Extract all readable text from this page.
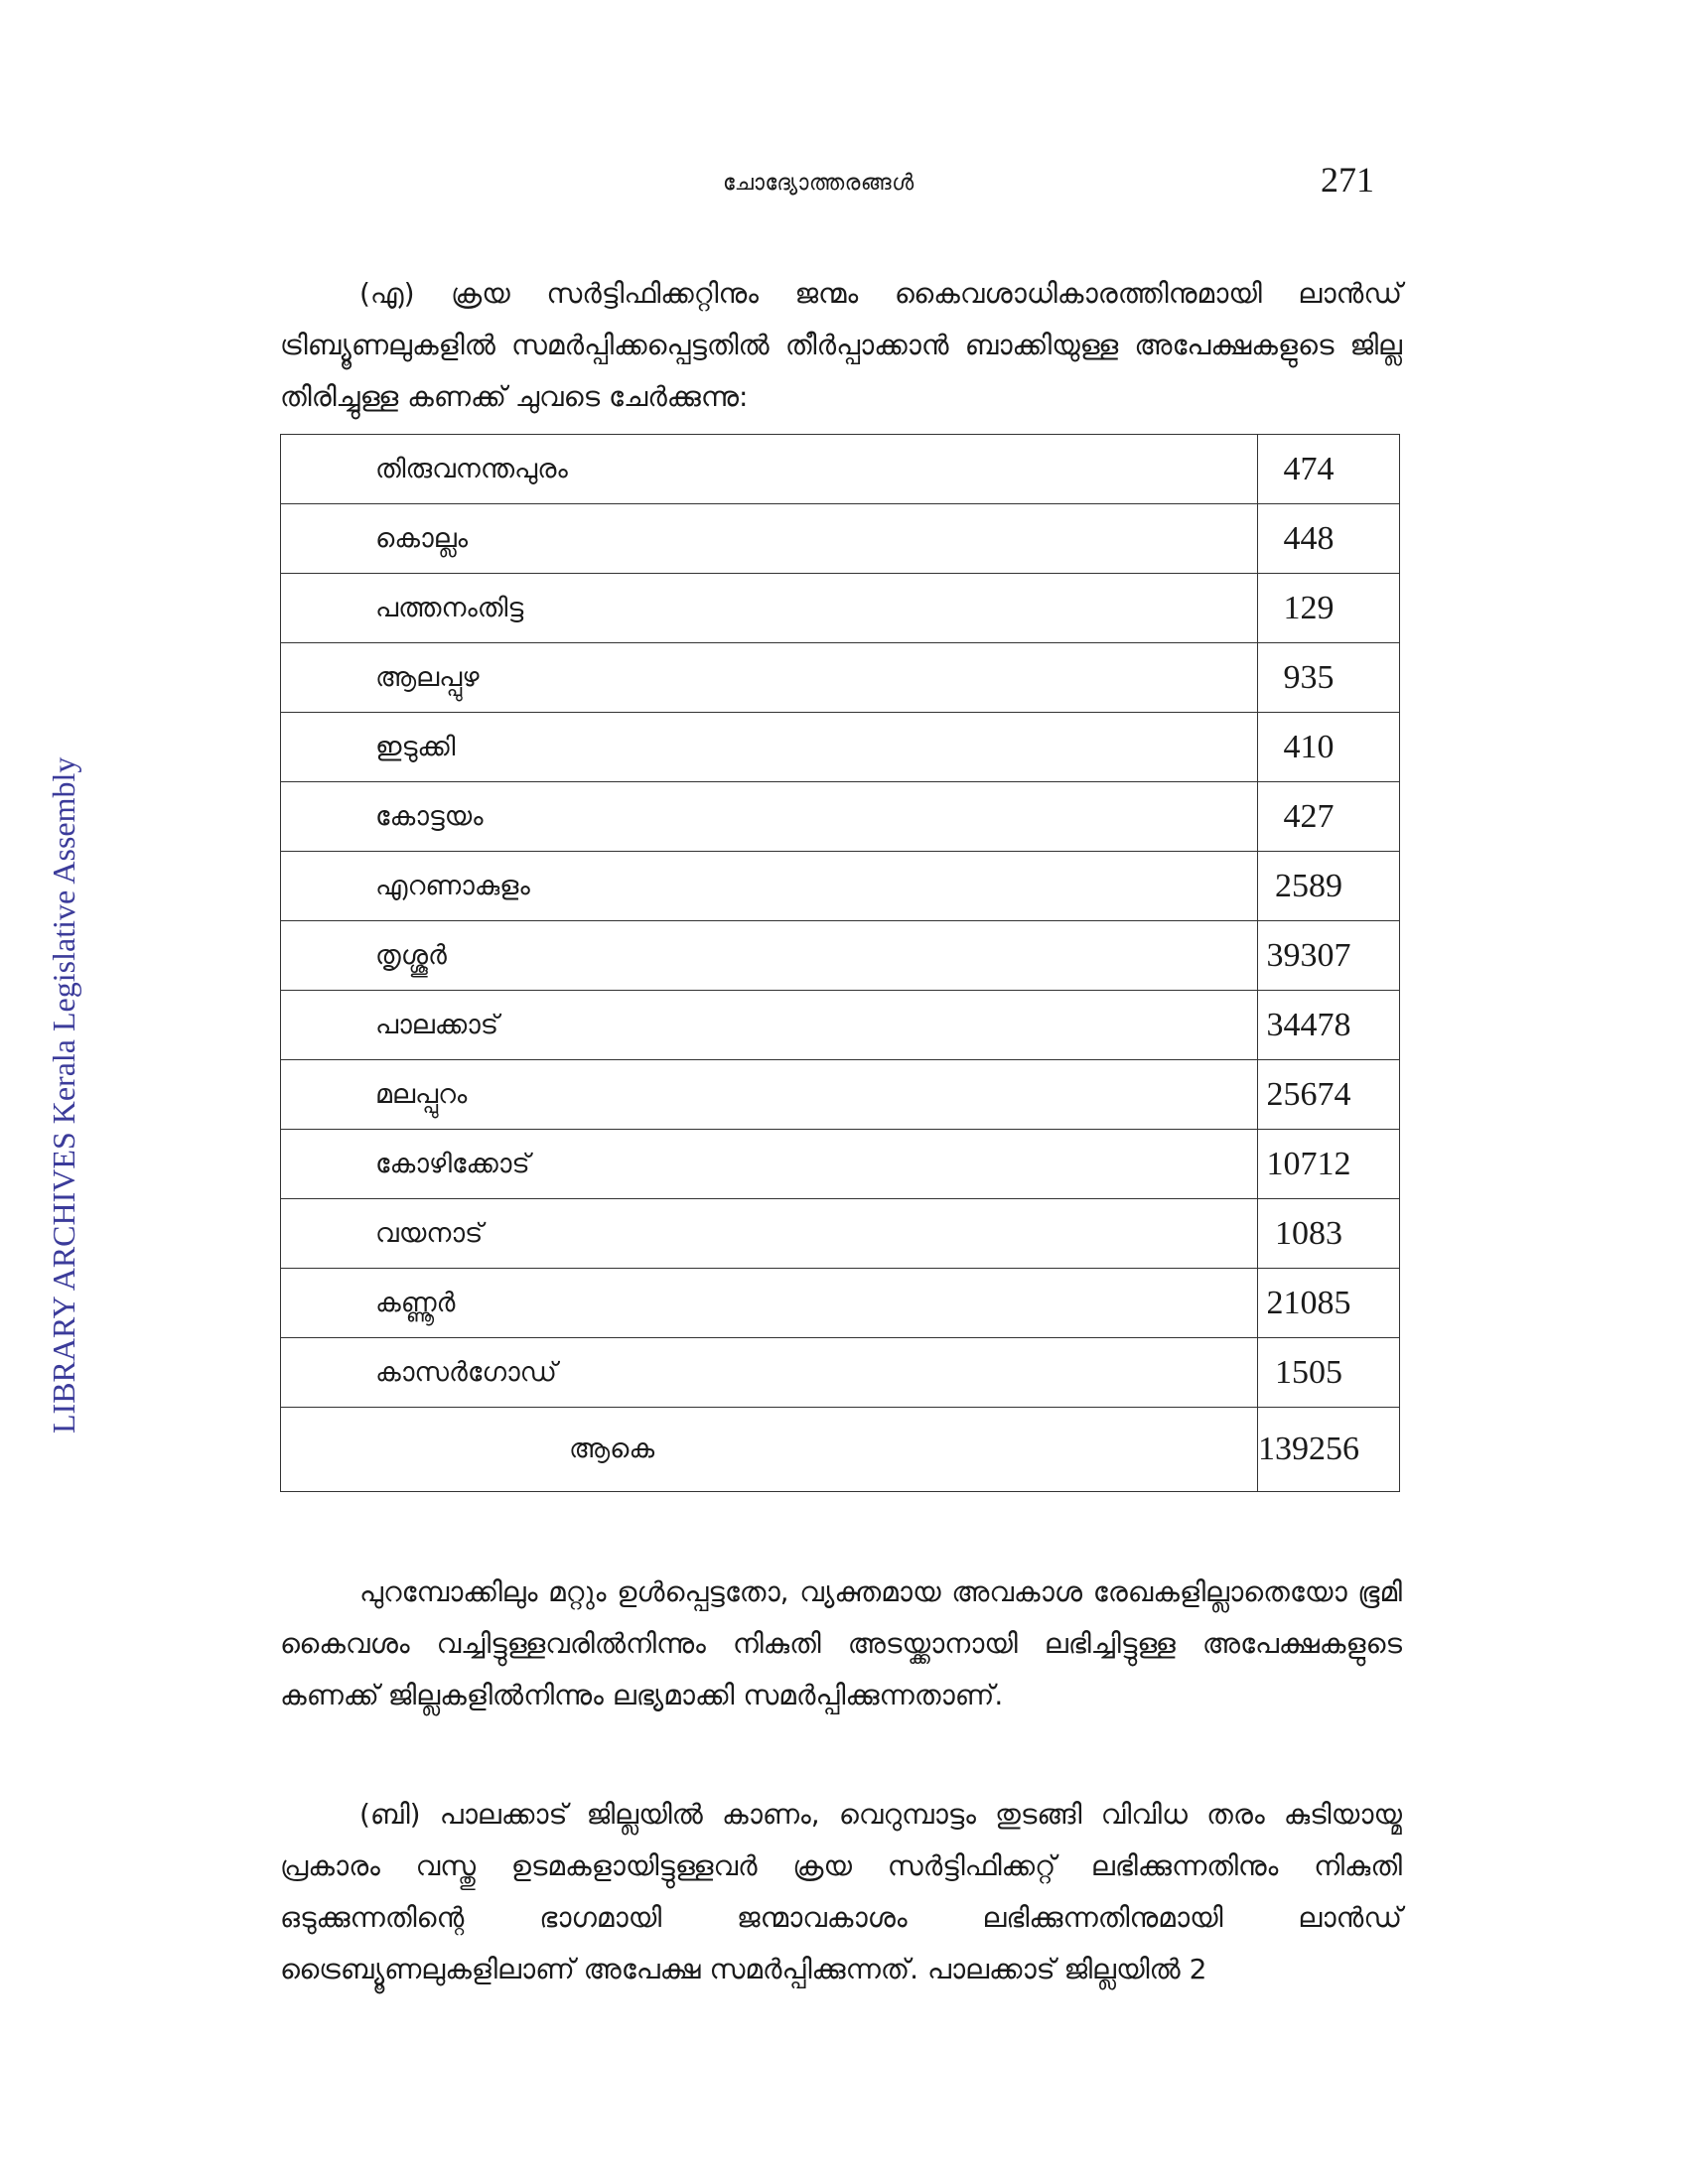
ചോദ്യോത്തരങ്ങൾ	271
LIBRARY ARCHIVES Kerala Legislative Assembly
(എ) ക്രയ സർട്ടിഫിക്കറ്റിനും ജന്മം കൈവശാധികാരത്തിനുമായി ലാൻഡ് ട്രിബ്യൂണലുകളിൽ സമർപ്പിക്കപ്പെട്ടതിൽ തീർപ്പാക്കാൻ ബാക്കിയുള്ള അപേക്ഷകളുടെ ജില്ല തിരിച്ചുള്ള കണക്ക് ചുവടെ ചേർക്കുന്നു:
തിരുവനന്തപുരം	474
കൊല്ലം	448
പത്തനംതിട്ട	129
ആലപ്പുഴ	935
ഇടുക്കി	410
കോട്ടയം	427
എറണാകുളം	2589
തൃശ്ശൂർ	39307
പാലക്കാട്	34478
മലപ്പുറം	25674
കോഴിക്കോട്	10712
വയനാട്	1083
കണ്ണൂർ	21085
കാസർഗോഡ്	1505
ആകെ	139256
പുറമ്പോക്കിലും മറ്റും ഉൾപ്പെട്ടതോ, വ്യക്തമായ അവകാശ രേഖകളില്ലാതെയോ ഭൂമി കൈവശം വച്ചിട്ടുള്ളവരിൽനിന്നും നികുതി അടയ്ക്കാനായി ലഭിച്ചിട്ടുള്ള അപേക്ഷകളുടെ കണക്ക് ജില്ലകളിൽനിന്നും ലഭ്യമാക്കി സമർപ്പിക്കുന്നതാണ്.
(ബി) പാലക്കാട് ജില്ലയിൽ കാണം, വെറുമ്പാട്ടം തുടങ്ങി വിവിധ തരം കുടിയായ്മ പ്രകാരം വസ്തു ഉടമകളായിട്ടുള്ളവർ ക്രയ സർട്ടിഫിക്കറ്റ് ലഭിക്കുന്നതിനും നികുതി ഒടുക്കുന്നതിന്റെ ഭാഗമായി ജന്മാവകാശം ലഭിക്കുന്നതിനുമായി ലാൻഡ് ട്രൈബ്യൂണലുകളിലാണ് അപേക്ഷ സമർപ്പിക്കുന്നത്. പാലക്കാട് ജില്ലയിൽ 2
